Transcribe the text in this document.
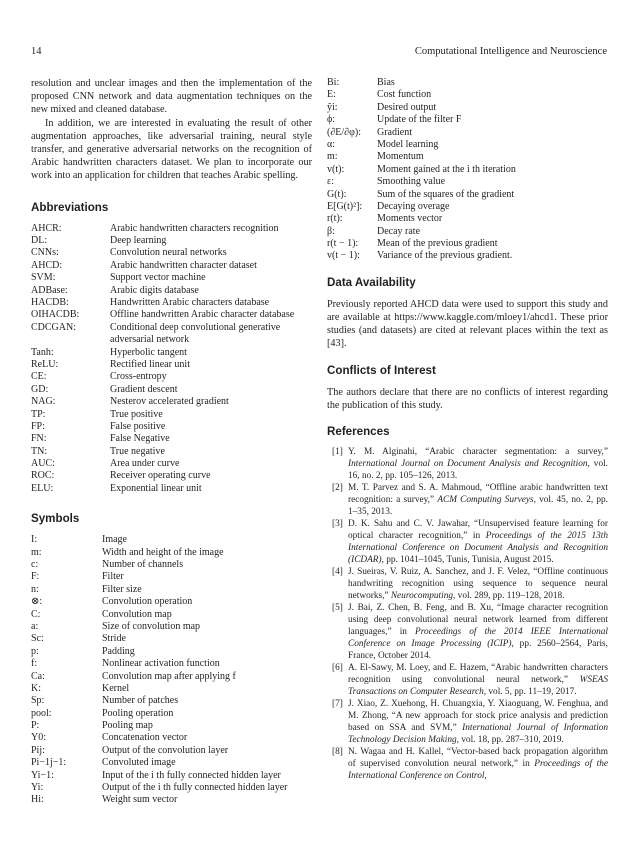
14	Computational Intelligence and Neuroscience

resolution and unclear images and then the implementation of the proposed CNN network and data augmentation techniques on the new mixed and cleaned database.

In addition, we are interested in evaluating the result of other augmentation approaches, like adversarial training, neural style transfer, and generative adversarial networks on the recognition of Arabic handwritten characters dataset. We plan to incorporate our work into an application for children that teaches Arabic spelling.

Abbreviations
AHCR:	Arabic handwritten characters recognition
DL:	Deep learning
CNNs:	Convolution neural networks
AHCD:	Arabic handwritten character dataset
SVM:	Support vector machine
ADBase:	Arabic digits database
HACDB:	Handwritten Arabic characters database
OIHACDB:	Offline handwritten Arabic character database
CDCGAN:	Conditional deep convolutional generative adversarial network
Tanh:	Hyperbolic tangent
ReLU:	Rectified linear unit
CE:	Cross-entropy
GD:	Gradient descent
NAG:	Nesterov accelerated gradient
TP:	True positive
FP:	False positive
FN:	False Negative
TN:	True negative
AUC:	Area under curve
ROC:	Receiver operating curve
ELU:	Exponential linear unit
Symbols
I:	Image
m:	Width and height of the image
c:	Number of channels
F:	Filter
n:	Filter size
⊗:	Convolution operation
C:	Convolution map
a:	Size of convolution map
Sc:	Stride
p:	Padding
f:	Nonlinear activation function
Ca:	Convolution map after applying f
K:	Kernel
Sp:	Number of patches
pool:	Pooling operation
P:	Pooling map
Y0:	Concatenation vector
Pij:	Output of the convolution layer
Pi−1j−1:	Convoluted image
Yi−1:	Input of the i th fully connected hidden layer
Yi:	Output of the i th fully connected hidden layer
Hi:	Weight sum vector
Bi:	Bias
E:	Cost function
ŷi:	Desired output
ϕ:	Update of the filter F
(∂E/∂φ): Gradient
α:	Model learning
m:	Momentum
v(t):	Moment gained at the i th iteration
ε:	Smoothing value
G(t):	Sum of the squares of the gradient
E[G(t)²]: Decaying overage
r(t):	Moments vector
β:	Decay rate
r(t − 1): Mean of the previous gradient
v(t − 1): Variance of the previous gradient.
Data Availability

Previously reported AHCD data were used to support this study and are available at https://www.kaggle.com/mloey1/ahcd1. These prior studies (and datasets) are cited at relevant places within the text as [43].

Conflicts of Interest

The authors declare that there are no conflicts of interest regarding the publication of this study.

References
[1] Y. M. Alginahi, “Arabic character segmentation: a survey,” International Journal on Document Analysis and Recognition, vol. 16, no. 2, pp. 105–126, 2013.
[2] M. T. Parvez and S. A. Mahmoud, “Offline arabic handwritten text recognition: a survey,” ACM Computing Surveys, vol. 45, no. 2, pp. 1–35, 2013.
[3] D. K. Sahu and C. V. Jawahar, “Unsupervised feature learning for optical character recognition,” in Proceedings of the 2015 13th International Conference on Document Analysis and Recognition (ICDAR), pp. 1041–1045, Tunis, Tunisia, August 2015.
[4] J. Sueiras, V. Ruiz, A. Sanchez, and J. F. Velez, “Offline continuous handwriting recognition using sequence to sequence neural networks,” Neurocomputing, vol. 289, pp. 119–128, 2018.
[5] J. Bai, Z. Chen, B. Feng, and B. Xu, “Image character recognition using deep convolutional neural network learned from different languages,” in Proceedings of the 2014 IEEE International Conference on Image Processing (ICIP), pp. 2560–2564, Paris, France, October 2014.
[6] A. El-Sawy, M. Loey, and E. Hazem, “Arabic handwritten characters recognition using convolutional neural network,” WSEAS Transactions on Computer Research, vol. 5, pp. 11–19, 2017.
[7] J. Xiao, Z. Xuehong, H. Chuangxia, Y. Xiaoguang, W. Fenghua, and M. Zhong, “A new approach for stock price analysis and prediction based on SSA and SVM,” International Journal of Information Technology Decision Making, vol. 18, pp. 287–310, 2019.
[8] N. Wagaa and H. Kallel, “Vector-based back propagation algorithm of supervised convolution neural network,” in Proceedings of the International Conference on Control,
